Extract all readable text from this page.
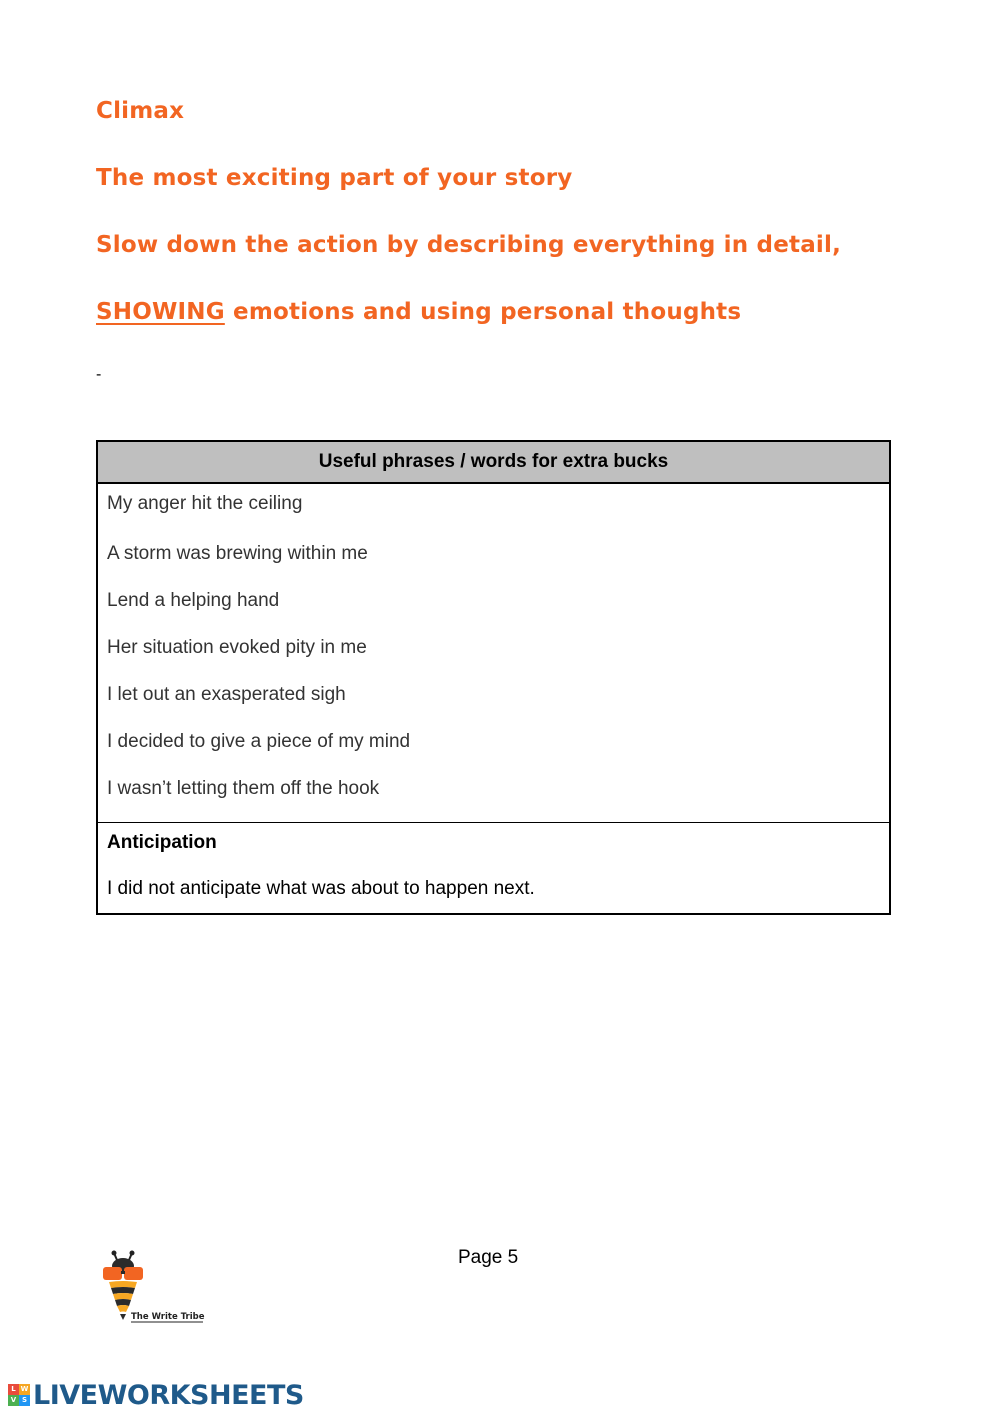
Climax
The most exciting part of your story
Slow down the action by describing everything in detail,
SHOWING emotions and using personal thoughts
-
Useful phrases / words for extra bucks

My anger hit the ceiling
A storm was brewing within me
Lend a helping hand
Her situation evoked pity in me
I let out an exasperated sigh
I decided to give a piece of my mind
I wasn’t letting them off the hook

Anticipation
I did not anticipate what was about to happen next.
Page 5
The Write Tribe
L W
V S LIVEWORKSHEETS
